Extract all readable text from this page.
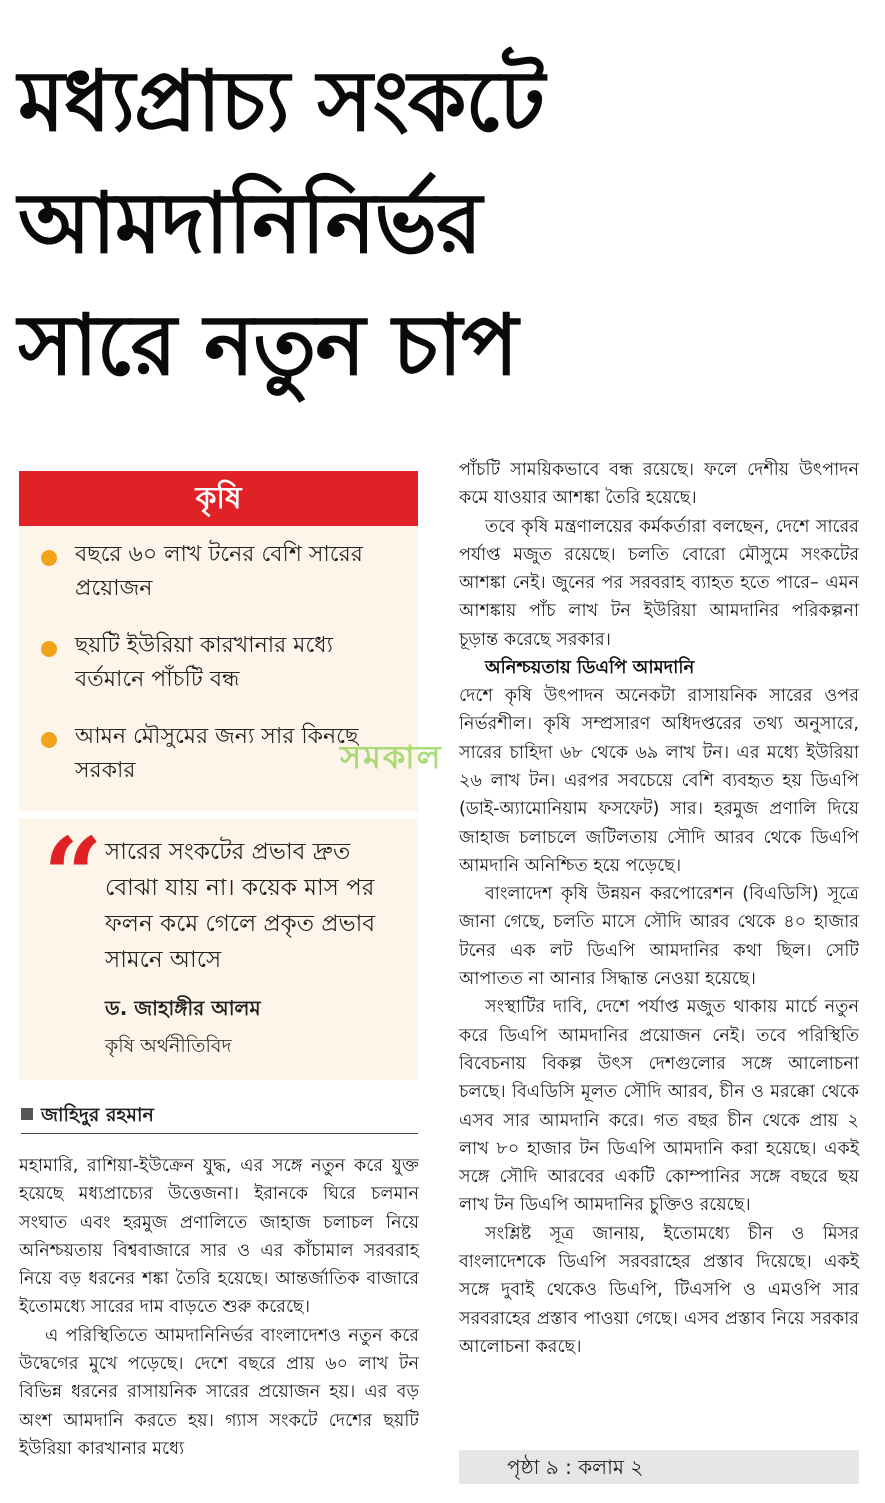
মধ্যপ্রাচ্য সংকটে
আমদানিনির্ভর
সারে নতুন চাপ
কৃষি
বছরে ৬০ লাখ টনের বেশি সারের প্রয়োজন
ছয়টি ইউরিয়া কারখানার মধ্যে বর্তমানে পাঁচটি বন্ধ
আমন মৌসুমের জন্য সার কিনছে সরকার	সমকাল
“ সারের সংকটের প্রভাব দ্রুত বোঝা যায় না। কয়েক মাস পর ফলন কমে গেলে প্রকৃত প্রভাব সামনে আসে

ড. জাহাঙ্গীর আলম
কৃষি অর্থনীতিবিদ
জাহিদুর রহমান

মহামারি, রাশিয়া-ইউক্রেন যুদ্ধ, এর সঙ্গে নতুন করে যুক্ত হয়েছে মধ্যপ্রাচ্যের উত্তেজনা। ইরানকে ঘিরে চলমান সংঘাত এবং হরমুজ প্রণালিতে জাহাজ চলাচল নিয়ে অনিশ্চয়তায় বিশ্ববাজারে সার ও এর কাঁচামাল সরবরাহ নিয়ে বড় ধরনের শঙ্কা তৈরি হয়েছে। আন্তর্জাতিক বাজারে ইতোমধ্যে সারের দাম বাড়তে শুরু করেছে।

এ পরিস্থিতিতে আমদানিনির্ভর বাংলাদেশও নতুন করে উদ্বেগের মুখে পড়েছে। দেশে বছরে প্রায় ৬০ লাখ টন বিভিন্ন ধরনের রাসায়নিক সারের প্রয়োজন হয়। এর বড় অংশ আমদানি করতে হয়। গ্যাস সংকটে দেশের ছয়টি ইউরিয়া কারখানার মধ্যে

পাঁচটি সাময়িকভাবে বন্ধ রয়েছে। ফলে দেশীয় উৎপাদন কমে যাওয়ার আশঙ্কা তৈরি হয়েছে।

তবে কৃষি মন্ত্রণালয়ের কর্মকর্তারা বলছেন, দেশে সারের পর্যাপ্ত মজুত রয়েছে। চলতি বোরো মৌসুমে সংকটের আশঙ্কা নেই। জুনের পর সরবরাহ ব্যাহত হতে পারে– এমন আশঙ্কায় পাঁচ লাখ টন ইউরিয়া আমদানির পরিকল্পনা চূড়ান্ত করেছে সরকার।

অনিশ্চয়তায় ডিএপি আমদানি

দেশে কৃষি উৎপাদন অনেকটা রাসায়নিক সারের ওপর নির্ভরশীল। কৃষি সম্প্রসারণ অধিদপ্তরের তথ্য অনুসারে, সারের চাহিদা ৬৮ থেকে ৬৯ লাখ টন। এর মধ্যে ইউরিয়া ২৬ লাখ টন। এরপর সবচেয়ে বেশি ব্যবহৃত হয় ডিএপি (ডাই-অ্যামোনিয়াম ফসফেট) সার। হরমুজ প্রণালি দিয়ে জাহাজ চলাচলে জটিলতায় সৌদি আরব থেকে ডিএপি আমদানি অনিশ্চিত হয়ে পড়েছে।

বাংলাদেশ কৃষি উন্নয়ন করপোরেশন (বিএডিসি) সূত্রে জানা গেছে, চলতি মাসে সৌদি আরব থেকে ৪০ হাজার টনের এক লট ডিএপি আমদানির কথা ছিল। সেটি আপাতত না আনার সিদ্ধান্ত নেওয়া হয়েছে।

সংস্থাটির দাবি, দেশে পর্যাপ্ত মজুত থাকায় মার্চে নতুন করে ডিএপি আমদানির প্রয়োজন নেই। তবে পরিস্থিতি বিবেচনায় বিকল্প উৎস দেশগুলোর সঙ্গে আলোচনা চলছে। বিএডিসি মূলত সৌদি আরব, চীন ও মরক্কো থেকে এসব সার আমদানি করে। গত বছর চীন থেকে প্রায় ২ লাখ ৮০ হাজার টন ডিএপি আমদানি করা হয়েছে। একই সঙ্গে সৌদি আরবের একটি কোম্পানির সঙ্গে বছরে ছয় লাখ টন ডিএপি আমদানির চুক্তিও রয়েছে।

সংশ্লিষ্ট সূত্র জানায়, ইতোমধ্যে চীন ও মিসর বাংলাদেশকে ডিএপি সরবরাহের প্রস্তাব দিয়েছে। একই সঙ্গে দুবাই থেকেও ডিএপি, টিএসপি ও এমওপি সার সরবরাহের প্রস্তাব পাওয়া গেছে। এসব প্রস্তাব নিয়ে সরকার আলোচনা করছে।

পৃষ্ঠা ৯ : কলাম ২
